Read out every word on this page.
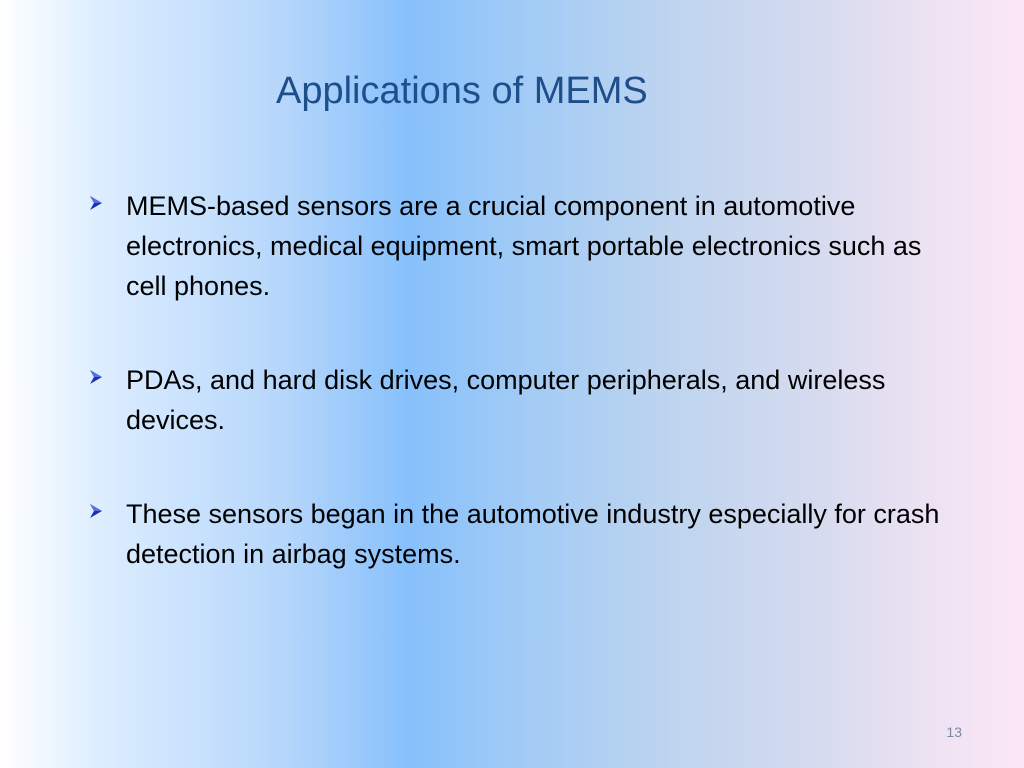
Applications of MEMS
MEMS-based sensors are a crucial component in automotive electronics, medical equipment, smart portable electronics such as cell phones.
PDAs, and hard disk drives, computer peripherals, and wireless devices.
These sensors began in the automotive industry especially for crash detection in airbag systems.
13
